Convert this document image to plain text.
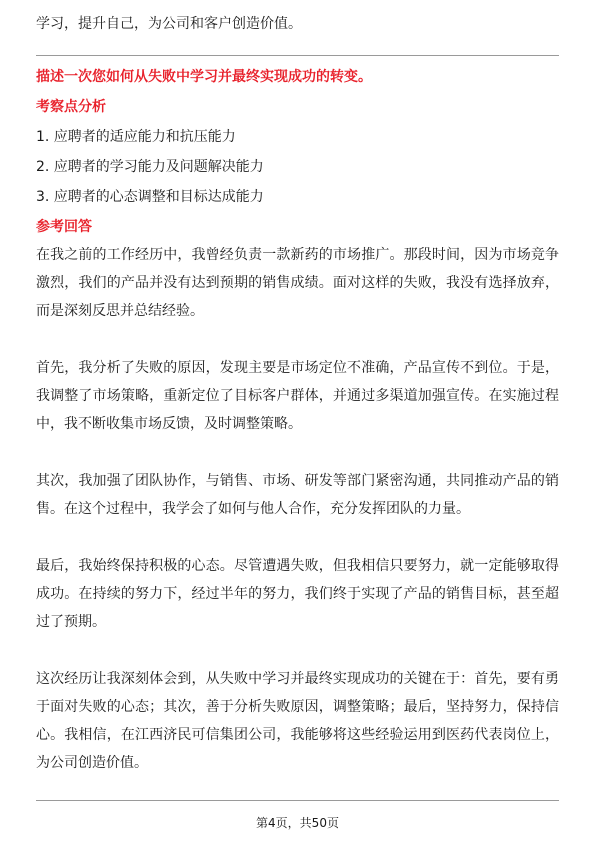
学习，提升自己，为公司和客户创造价值。

描述一次您如何从失败中学习并最终实现成功的转变。
考察点分析

1. 应聘者的适应能力和抗压能力

2. 应聘者的学习能力及问题解决能力

3. 应聘者的心态调整和目标达成能力

参考回答

在我之前的工作经历中，我曾经负责一款新药的市场推广。那段时间，因为市场竞争激烈，我们的产品并没有达到预期的销售成绩。面对这样的失败，我没有选择放弃，而是深刻反思并总结经验。

首先，我分析了失败的原因，发现主要是市场定位不准确，产品宣传不到位。于是，我调整了市场策略，重新定位了目标客户群体，并通过多渠道加强宣传。在实施过程中，我不断收集市场反馈，及时调整策略。

其次，我加强了团队协作，与销售、市场、研发等部门紧密沟通，共同推动产品的销售。在这个过程中，我学会了如何与他人合作，充分发挥团队的力量。

最后，我始终保持积极的心态。尽管遭遇失败，但我相信只要努力，就一定能够取得成功。在持续的努力下，经过半年的努力，我们终于实现了产品的销售目标，甚至超过了预期。

这次经历让我深刻体会到，从失败中学习并最终实现成功的关键在于：首先，要有勇于面对失败的心态；其次，善于分析失败原因，调整策略；最后，坚持努力，保持信心。我相信，在江西济民可信集团公司，我能够将这些经验运用到医药代表岗位上，为公司创造价值。

第4页，共50页
